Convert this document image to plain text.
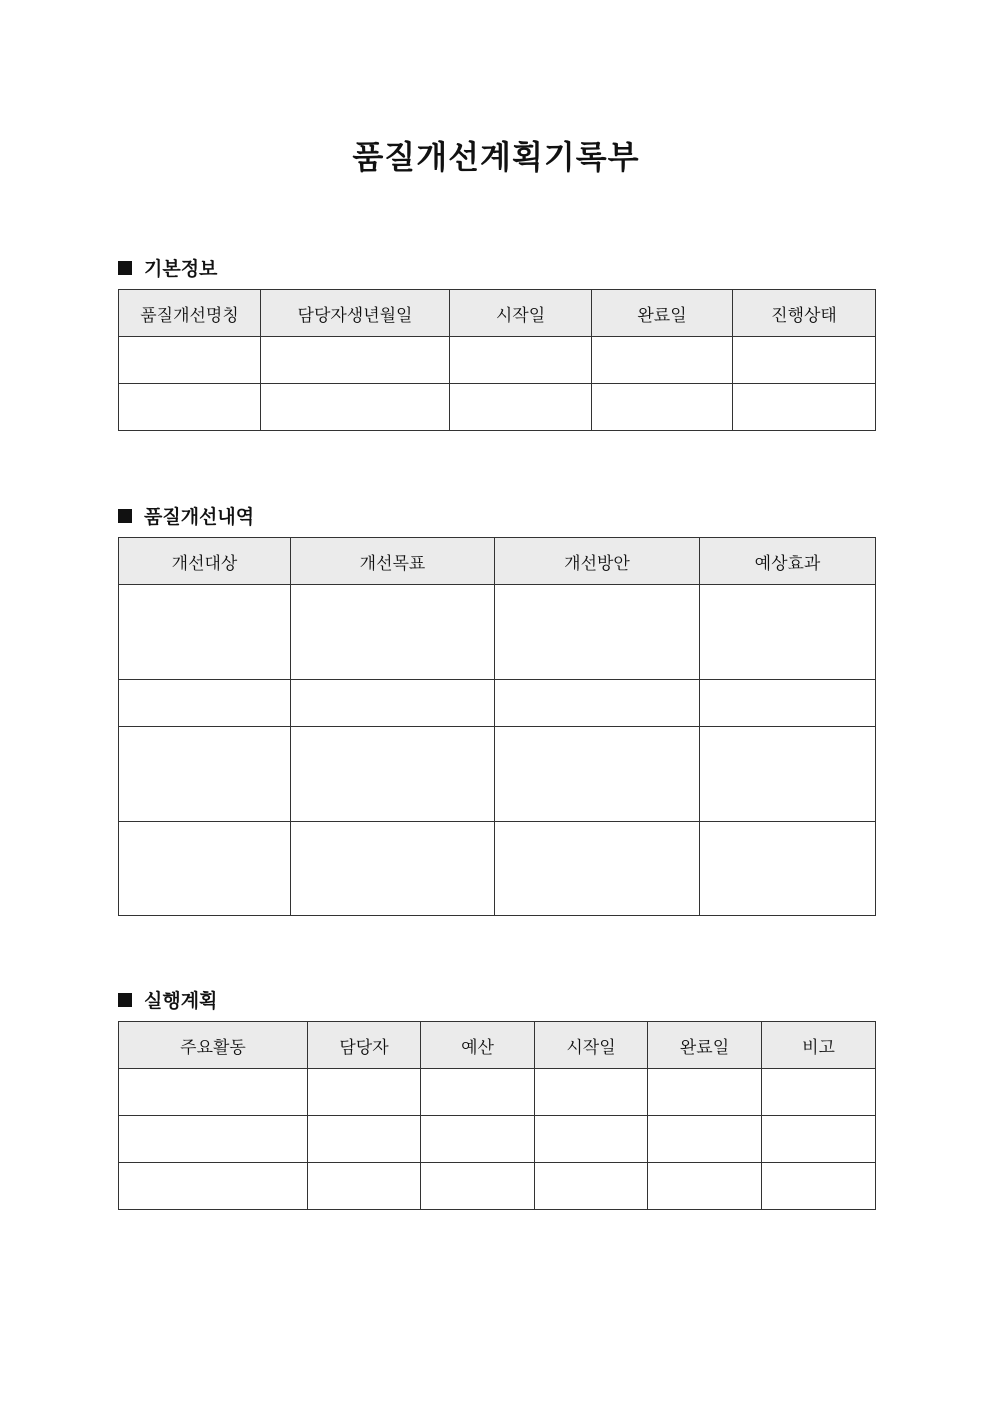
품질개선계획기록부
기본정보
품질개선명칭	담당자생년월일	시작일	완료일	진행상태

품질개선내역
개선대상	개선목표	개선방안	예상효과

실행계획
주요활동	담당자	예산	시작일	완료일	비고
